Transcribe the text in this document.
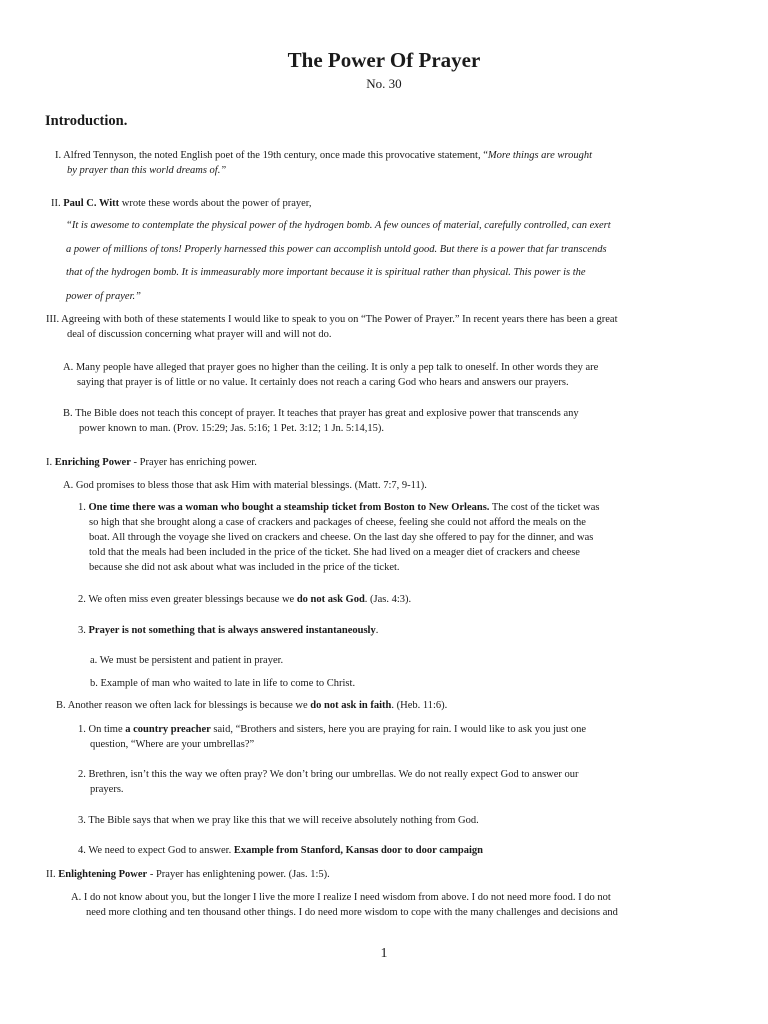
The Power Of Prayer
No. 30
Introduction.
I. Alfred Tennyson, the noted English poet of the 19th century, once made this provocative statement, “More things are wrought
by prayer than this world dreams of.”
II. Paul C. Witt wrote these words about the power of prayer,
“It is awesome to contemplate the physical power of the hydrogen bomb. A few ounces of material, carefully controlled, can exert
a power of millions of tons! Properly harnessed this power can accomplish untold good. But there is a power that far transcends
that of the hydrogen bomb. It is immeasurably more important because it is spiritual rather than physical. This power is the
power of prayer.”
III. Agreeing with both of these statements I would like to speak to you on “The Power of Prayer.” In recent years there has been a great
deal of discussion concerning what prayer will and will not do.
A. Many people have alleged that prayer goes no higher than the ceiling. It is only a pep talk to oneself. In other words they are
saying that prayer is of little or no value. It certainly does not reach a caring God who hears and answers our prayers.
B. The Bible does not teach this concept of prayer. It teaches that prayer has great and explosive power that transcends any
power known to man. (Prov. 15:29; Jas. 5:16; 1 Pet. 3:12; 1 Jn. 5:14,15).
I. Enriching Power - Prayer has enriching power.
A. God promises to bless those that ask Him with material blessings. (Matt. 7:7, 9-11).
1. One time there was a woman who bought a steamship ticket from Boston to New Orleans. The cost of the ticket was
so high that she brought along a case of crackers and packages of cheese, feeling she could not afford the meals on the
boat. All through the voyage she lived on crackers and cheese. On the last day she offered to pay for the dinner, and was
told that the meals had been included in the price of the ticket. She had lived on a meager diet of crackers and cheese
because she did not ask about what was included in the price of the ticket.
2. We often miss even greater blessings because we do not ask God. (Jas. 4:3).
3. Prayer is not something that is always answered instantaneously.
a. We must be persistent and patient in prayer.
b. Example of man who waited to late in life to come to Christ.
B. Another reason we often lack for blessings is because we do not ask in faith. (Heb. 11:6).
1. On time a country preacher said, “Brothers and sisters, here you are praying for rain. I would like to ask you just one
question, “Where are your umbrellas?”
2. Brethren, isn’t this the way we often pray? We don’t bring our umbrellas. We do not really expect God to answer our
prayers.
3. The Bible says that when we pray like this that we will receive absolutely nothing from God.
4. We need to expect God to answer. Example from Stanford, Kansas door to door campaign
II. Enlightening Power - Prayer has enlightening power. (Jas. 1:5).
A. I do not know about you, but the longer I live the more I realize I need wisdom from above. I do not need more food. I do not
need more clothing and ten thousand other things. I do need more wisdom to cope with the many challenges and decisions and
1
